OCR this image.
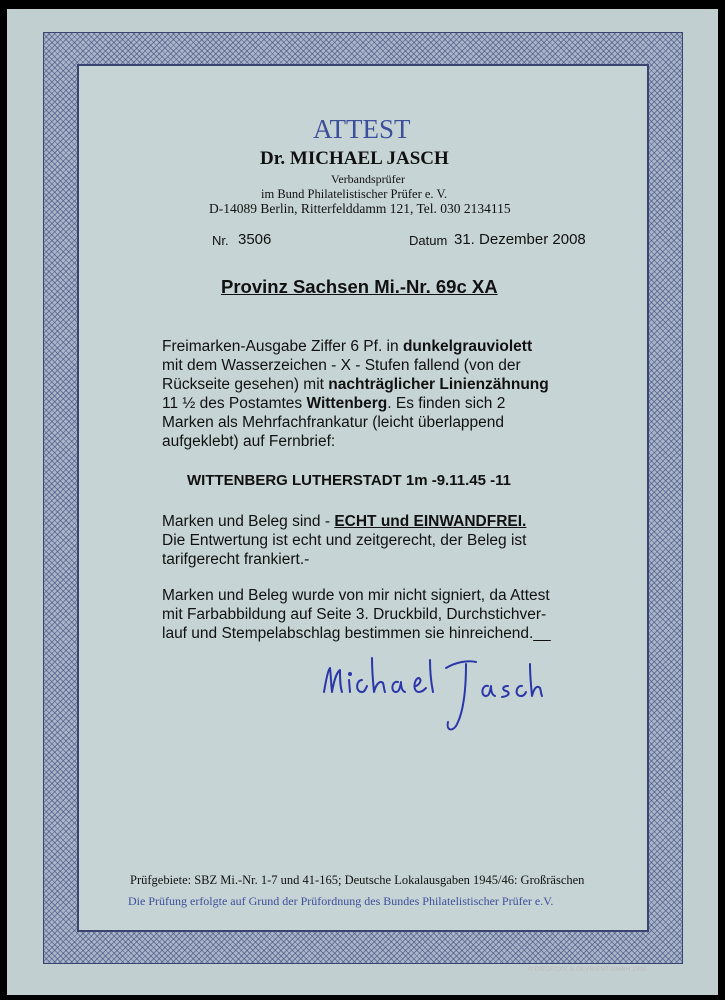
ATTEST
Dr. MICHAEL JASCH
Verbandsprüfer
im Bund Philatelistischer Prüfer e. V.
D-14089 Berlin, Ritterfelddamm 121, Tel. 030 2134115
Nr. 3506	Datum 31. Dezember 2008
Provinz Sachsen Mi.-Nr. 69c XA
Freimarken-Ausgabe Ziffer 6 Pf. in dunkelgrauviolett
mit dem Wasserzeichen - X - Stufen fallend (von der
Rückseite gesehen) mit nachträglicher Linienzähnung
11 ½ des Postamtes Wittenberg. Es finden sich 2
Marken als Mehrfachfrankatur (leicht überlappend
aufgeklebt) auf Fernbrief:
WITTENBERG LUTHERSTADT 1m -9.11.45 -11
Marken und Beleg sind - ECHT und EINWANDFREI.
Die Entwertung ist echt und zeitgerecht, der Beleg ist
tarifgerecht frankiert.-
Marken und Beleg wurde von mir nicht signiert, da Attest
mit Farbabbildung auf Seite 3. Druckbild, Durchstichver-
lauf und Stempelabschlag bestimmen sie hinreichend.__
Prüfgebiete: SBZ Mi.-Nr. 1-7 und 41-165; Deutsche Lokalausgaben 1945/46: Großräschen
Die Prüfung erfolgte auf Grund der Prüfordnung des Bundes Philatelistischer Prüfer e.V.
© DIEDECKE & OEVRIENT GMBH 1990
